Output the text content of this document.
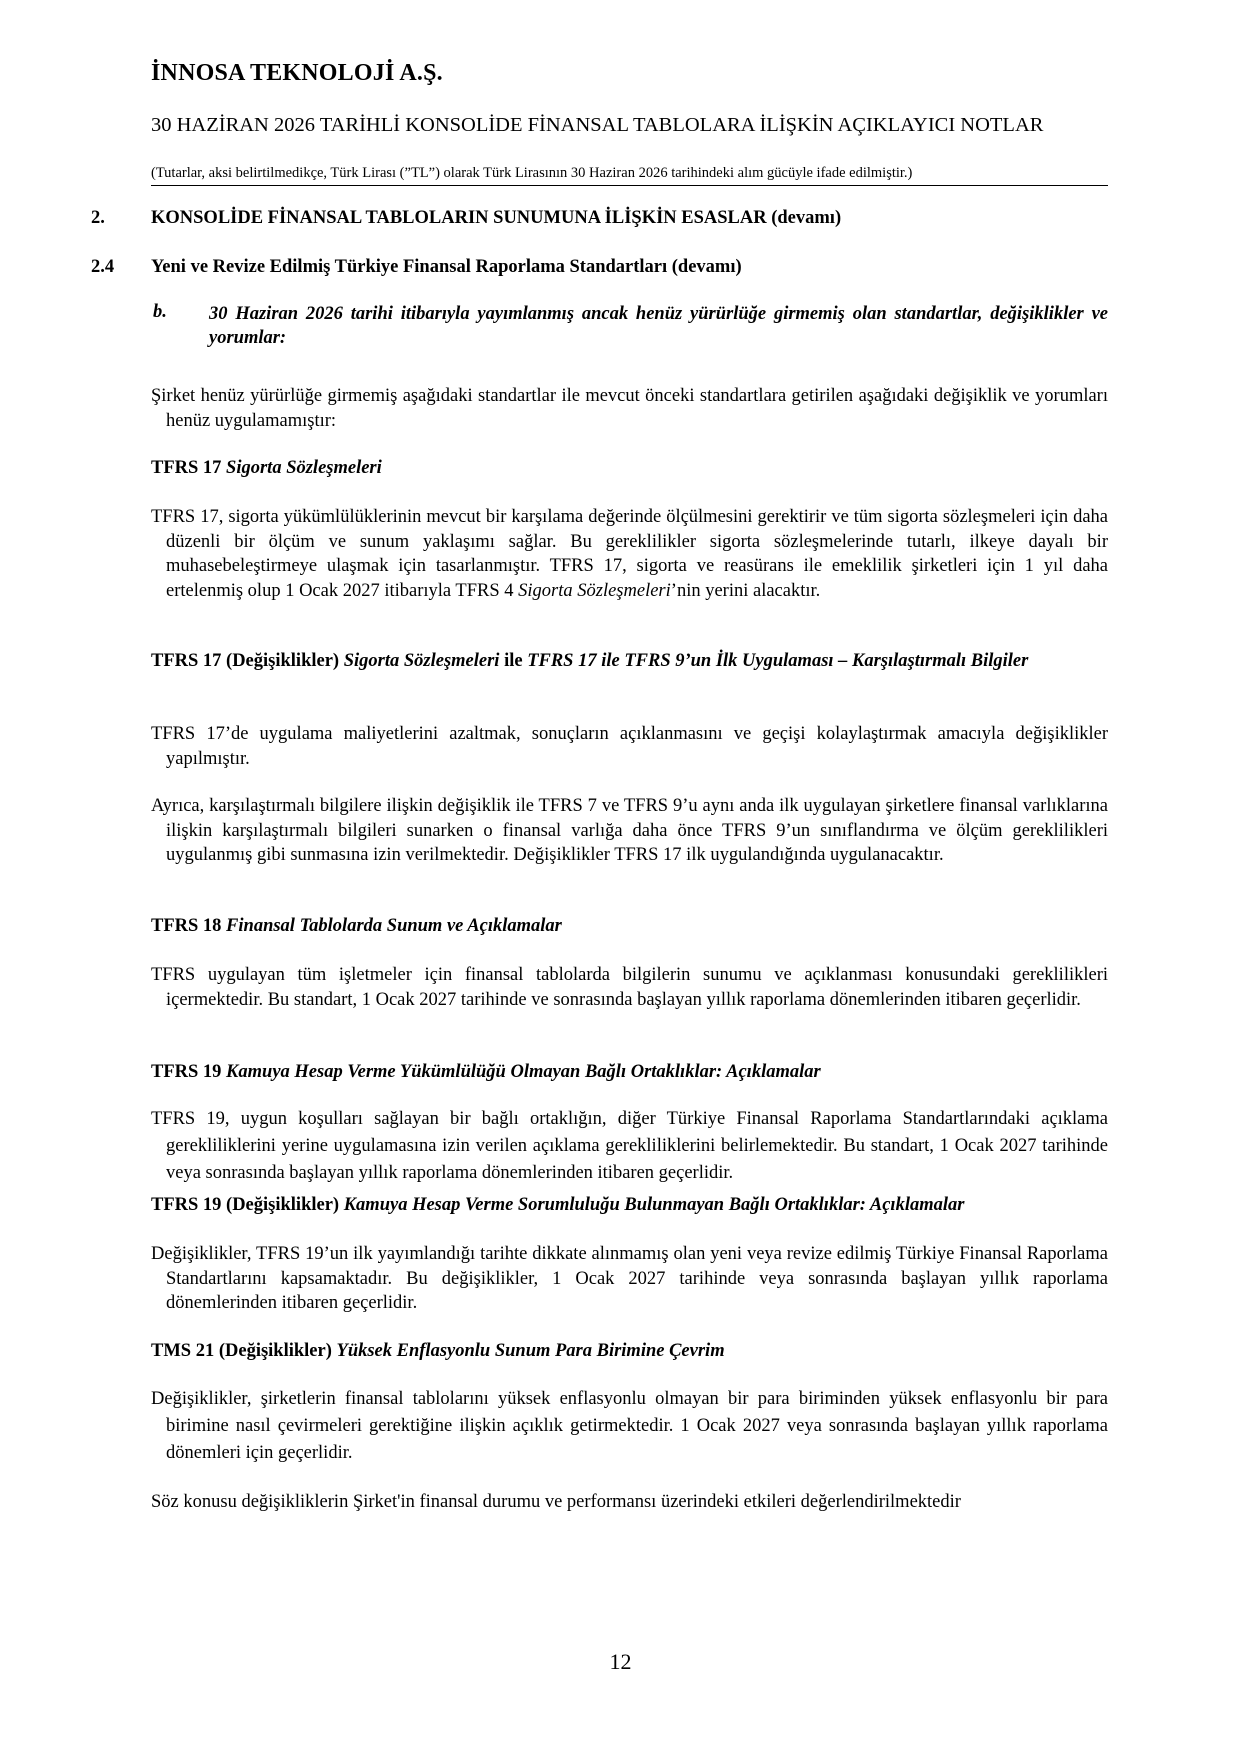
İNNOSA TEKNOLOJİ A.Ş.
30 HAZİRAN 2026 TARİHLİ KONSOLİDE FİNANSAL TABLOLARA İLİŞKİN AÇIKLAYICI NOTLAR
(Tutarlar, aksi belirtilmedikçe, Türk Lirası (”TL”) olarak Türk Lirasının 30 Haziran 2026 tarihindeki alım gücüyle ifade edilmiştir.)
2. KONSOLİDE FİNANSAL TABLOLARIN SUNUMUNA İLİŞKİN ESASLAR (devamı)
2.4 Yeni ve Revize Edilmiş Türkiye Finansal Raporlama Standartları (devamı)
b. 30 Haziran 2026 tarihi itibarıyla yayımlanmış ancak henüz yürürlüğe girmemiş olan standartlar, değişiklikler ve yorumlar:
Şirket henüz yürürlüğe girmemiş aşağıdaki standartlar ile mevcut önceki standartlara getirilen aşağıdaki değişiklik ve yorumları henüz uygulamamıştır:
TFRS 17 Sigorta Sözleşmeleri
TFRS 17, sigorta yükümlülüklerinin mevcut bir karşılama değerinde ölçülmesini gerektirir ve tüm sigorta sözleşmeleri için daha düzenli bir ölçüm ve sunum yaklaşımı sağlar. Bu gereklilikler sigorta sözleşmelerinde tutarlı, ilkeye dayalı bir muhasebeleştirmeye ulaşmak için tasarlanmıştır. TFRS 17, sigorta ve reasürans ile emeklilik şirketleri için 1 yıl daha ertelenmiş olup 1 Ocak 2027 itibarıyla TFRS 4 Sigorta Sözleşmeleri’nin yerini alacaktır.
TFRS 17 (Değişiklikler) Sigorta Sözleşmeleri ile TFRS 17 ile TFRS 9’un İlk Uygulaması – Karşılaştırmalı Bilgiler
TFRS 17’de uygulama maliyetlerini azaltmak, sonuçların açıklanmasını ve geçişi kolaylaştırmak amacıyla değişiklikler yapılmıştır.
Ayrıca, karşılaştırmalı bilgilere ilişkin değişiklik ile TFRS 7 ve TFRS 9’u aynı anda ilk uygulayan şirketlere finansal varlıklarına ilişkin karşılaştırmalı bilgileri sunarken o finansal varlığa daha önce TFRS 9’un sınıflandırma ve ölçüm gereklilikleri uygulanmış gibi sunmasına izin verilmektedir. Değişiklikler TFRS 17 ilk uygulandığında uygulanacaktır.
TFRS 18 Finansal Tablolarda Sunum ve Açıklamalar
TFRS uygulayan tüm işletmeler için finansal tablolarda bilgilerin sunumu ve açıklanması konusundaki gereklilikleri içermektedir. Bu standart, 1 Ocak 2027 tarihinde ve sonrasında başlayan yıllık raporlama dönemlerinden itibaren geçerlidir.
TFRS 19 Kamuya Hesap Verme Yükümlülüğü Olmayan Bağlı Ortaklıklar: Açıklamalar
TFRS 19, uygun koşulları sağlayan bir bağlı ortaklığın, diğer Türkiye Finansal Raporlama Standartlarındaki açıklama gerekliliklerini yerine uygulamasına izin verilen açıklama gerekliliklerini belirlemektedir. Bu standart, 1 Ocak 2027 tarihinde veya sonrasında başlayan yıllık raporlama dönemlerinden itibaren geçerlidir.
TFRS 19 (Değişiklikler) Kamuya Hesap Verme Sorumluluğu Bulunmayan Bağlı Ortaklıklar: Açıklamalar
Değişiklikler, TFRS 19’un ilk yayımlandığı tarihte dikkate alınmamış olan yeni veya revize edilmiş Türkiye Finansal Raporlama Standartlarını kapsamaktadır. Bu değişiklikler, 1 Ocak 2027 tarihinde veya sonrasında başlayan yıllık raporlama dönemlerinden itibaren geçerlidir.
TMS 21 (Değişiklikler) Yüksek Enflasyonlu Sunum Para Birimine Çevrim
Değişiklikler, şirketlerin finansal tablolarını yüksek enflasyonlu olmayan bir para biriminden yüksek enflasyonlu bir para birimine nasıl çevirmeleri gerektiğine ilişkin açıklık getirmektedir. 1 Ocak 2027 veya sonrasında başlayan yıllık raporlama dönemleri için geçerlidir.
Söz konusu değişikliklerin Şirket'in finansal durumu ve performansı üzerindeki etkileri değerlendirilmektedir
12
